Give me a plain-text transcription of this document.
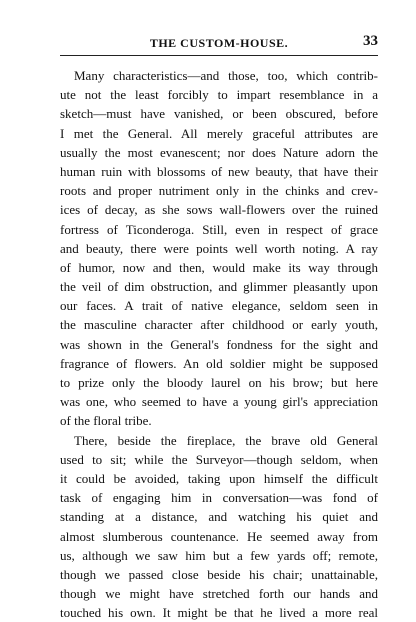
THE CUSTOM-HOUSE.	33
Many characteristics—and those, too, which contrib-
ute not the least forcibly to impart resemblance in a
sketch—must have vanished, or been obscured, before
I met the General. All merely graceful attributes are
usually the most evanescent; nor does Nature adorn the
human ruin with blossoms of new beauty, that have their
roots and proper nutriment only in the chinks and crev-
ices of decay, as she sows wall-flowers over the ruined
fortress of Ticonderoga. Still, even in respect of grace
and beauty, there were points well worth noting. A ray
of humor, now and then, would make its way through
the veil of dim obstruction, and glimmer pleasantly upon
our faces. A trait of native elegance, seldom seen in
the masculine character after childhood or early youth,
was shown in the General's fondness for the sight and
fragrance of flowers. An old soldier might be supposed
to prize only the bloody laurel on his brow; but here
was one, who seemed to have a young girl's appreciation
of the floral tribe.
There, beside the fireplace, the brave old General
used to sit; while the Surveyor—though seldom, when
it could be avoided, taking upon himself the difficult
task of engaging him in conversation—was fond of
standing at a distance, and watching his quiet and
almost slumberous countenance. He seemed away from
us, although we saw him but a few yards off; remote,
though we passed close beside his chair; unattainable,
though we might have stretched forth our hands and
touched his own. It might be that he lived a more real
